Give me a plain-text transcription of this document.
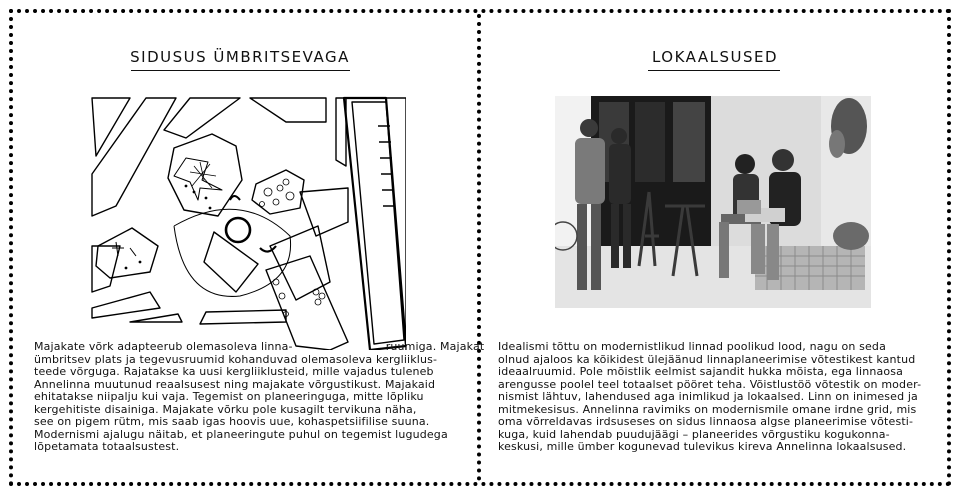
SIDUSUS ÜMBRITSEVAGA
Majakate võrk adapteerub olemasoleva linna-	ruumiga. Majakat
ümbritsev plats ja tegevusruumid kohanduvad olemasoleva kergliiklus-
teede võrguga. Rajatakse ka uusi kergliiklusteid, mille vajadus tuleneb
Annelinna muutunud reaalsusest ning majakate võrgustikust. Majakaid
ehitatakse niipalju kui vaja. Tegemist on planeeringuga, mitte lõpliku
kergehitiste disainiga. Majakate võrku pole kusagilt tervikuna näha,
see on pigem rütm, mis saab igas hoovis uue, kohaspetsiifilise suuna.
Modernismi ajalugu näitab, et planeeringute puhul on tegemist lugudega
lõpetamata totaalsustest.
LOKAALSUSED
Idealismi tõttu on modernistlikud linnad poolikud lood, nagu on seda
olnud ajaloos ka kõikidest ülejäänud linnaplaneerimise võtestikest kantud
ideaalruumid. Pole mõistlik eelmist sajandit hukka mõista, ega linnaosa
arengusse poolel teel totaalset pööret teha. Võistlustöö võtestik on moder-
nismist lähtuv, lahendused aga inimlikud ja lokaalsed. Linn on inimesed ja
mitmekesisus. Annelinna ravimiks on modernismile omane irdne grid, mis
oma võrreldavas irdsuseses on sidus linnaosa algse planeerimise võtesti-
kuga, kuid lahendab puudujäägi – planeerides võrgustiku kogukonna-
keskusi, mille ümber kogunevad tulevikus kireva Annelinna lokaalsused.
